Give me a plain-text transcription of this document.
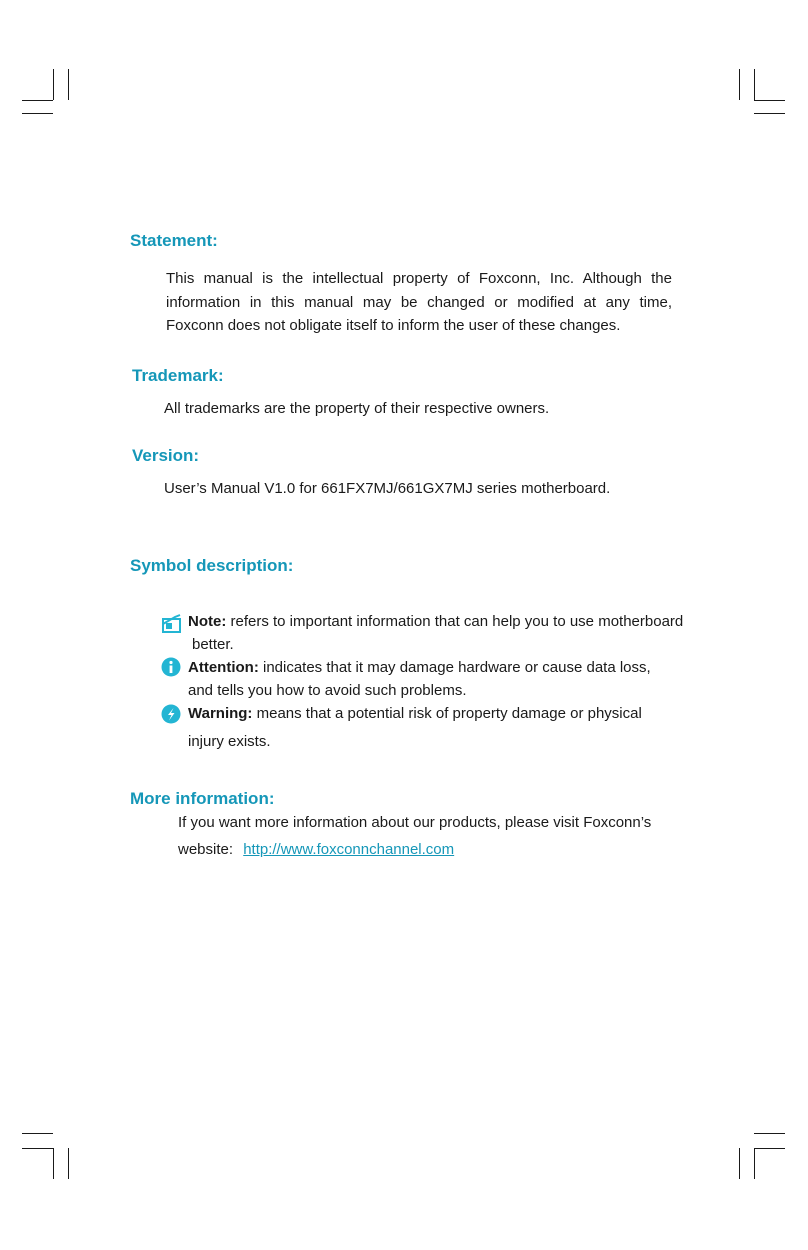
Statement:
This manual is the intellectual property of Foxconn, Inc. Although the
information in this manual may be changed or modified at any time,
Foxconn does not obligate itself to inform the user of these changes.
Trademark:

All trademarks are the property of their respective owners.

Version:

User’s Manual V1.0 for 661FX7MJ/661GX7MJ series motherboard.

Symbol description:
Note: refers to important information that can help you to use motherboard
better.
Attention: indicates that it may damage hardware or cause data loss,
and tells you how to avoid such problems.
Warning: means that a potential risk of property damage or physical
injury exists.
More information:
If you want more information about our products, please visit Foxconn’s
website: http://www.foxconnchannel.com
